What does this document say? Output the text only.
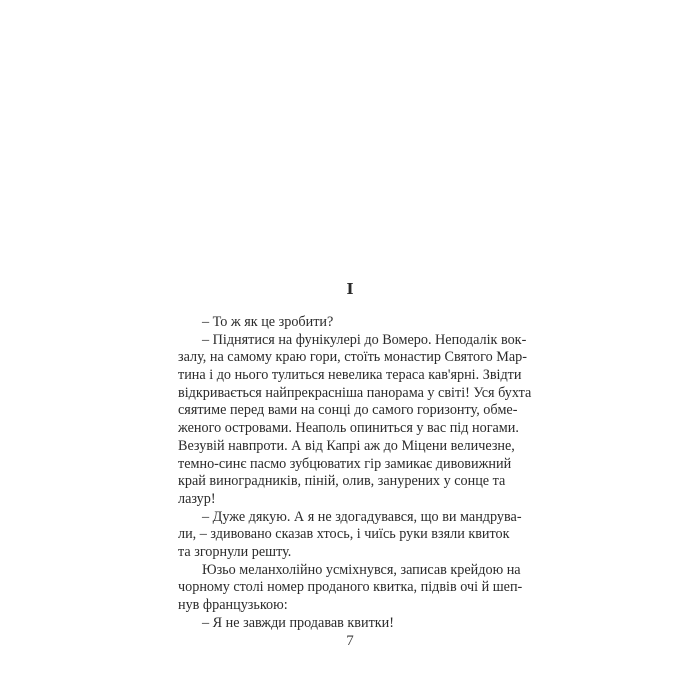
I
– То ж як це зробити?
– Піднятися на фунікулері до Вомеро. Неподалік вок-
залу, на самому краю гори, стоїть монастир Святого Мар-
тина і до нього тулиться невелика тераса кав'ярні. Звідти
відкривається найпрекрасніша панорама у світі! Уся бухта
сяятиме перед вами на сонці до самого горизонту, обме-
женого островами. Неаполь опиниться у вас під ногами.
Везувій навпроти. А від Капрі аж до Міцени величезне,
темно-синє пасмо зубцюватих гір замикає дивовижний
край виноградників, піній, олив, занурених у сонце та
лазур!
– Дуже дякую. А я не здогадувався, що ви мандрува-
ли, – здивовано сказав хтось, і чиїсь руки взяли квиток
та згорнули решту.
Юзьо меланхолійно усміхнувся, записав крейдою на
чорному столі номер проданого квитка, підвів очі й шеп-
нув французькою:
– Я не завжди продавав квитки!
7
